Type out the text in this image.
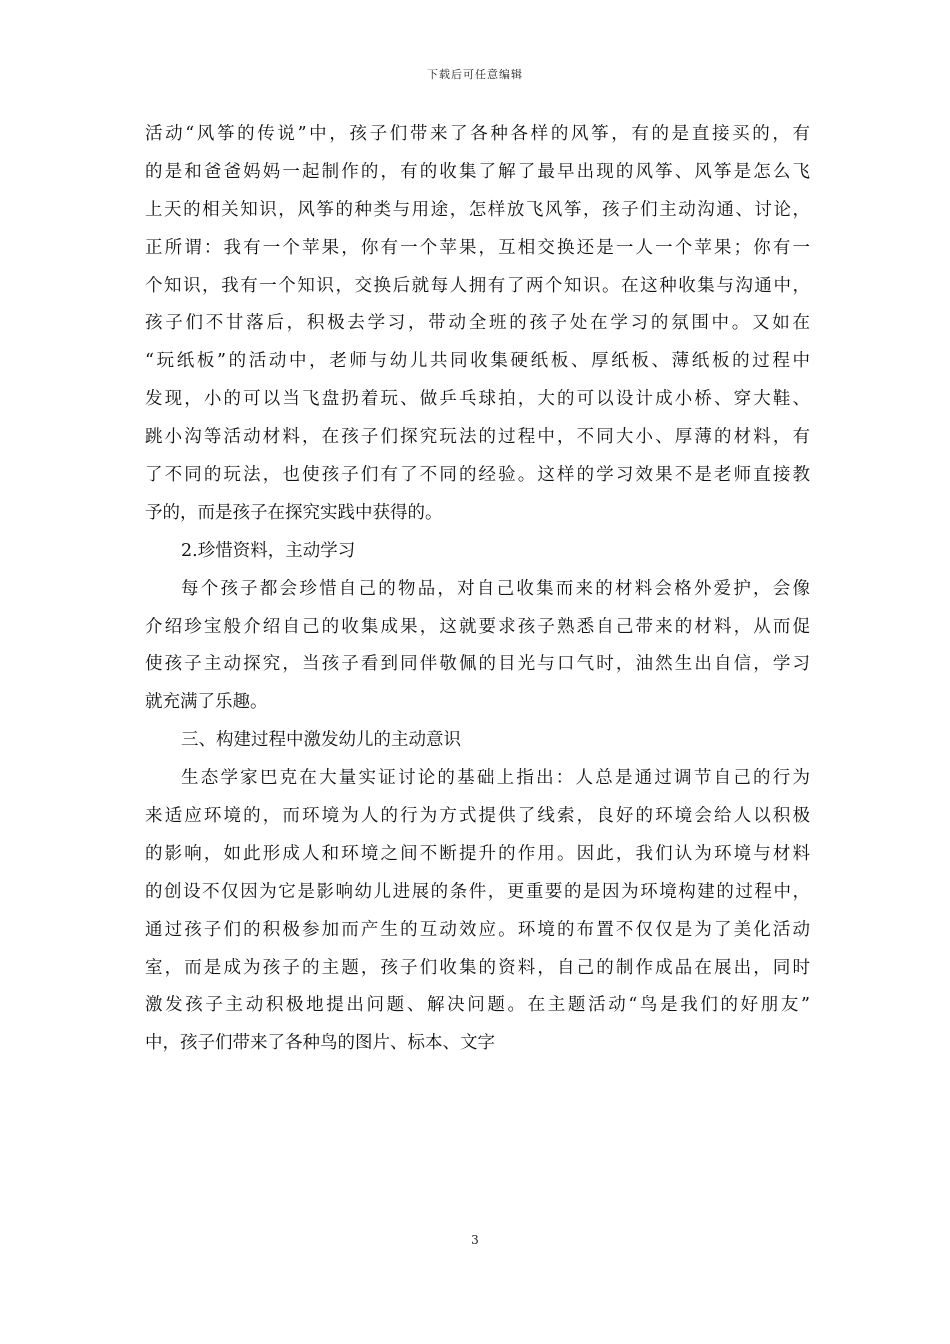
下载后可任意编辑
活动“风筝的传说”中，孩子们带来了各种各样的风筝，有的是直接买的，有
的是和爸爸妈妈一起制作的，有的收集了解了最早出现的风筝、风筝是怎么飞
上天的相关知识，风筝的种类与用途，怎样放飞风筝，孩子们主动沟通、讨论，
正所谓：我有一个苹果，你有一个苹果，互相交换还是一人一个苹果；你有一
个知识，我有一个知识，交换后就每人拥有了两个知识。在这种收集与沟通中，
孩子们不甘落后，积极去学习，带动全班的孩子处在学习的氛围中。又如在
“玩纸板”的活动中，老师与幼儿共同收集硬纸板、厚纸板、薄纸板的过程中
发现，小的可以当飞盘扔着玩、做乒乓球拍，大的可以设计成小桥、穿大鞋、
跳小沟等活动材料，在孩子们探究玩法的过程中，不同大小、厚薄的材料，有
了不同的玩法，也使孩子们有了不同的经验。这样的学习效果不是老师直接教
予的，而是孩子在探究实践中获得的。
2.珍惜资料，主动学习
每个孩子都会珍惜自己的物品，对自己收集而来的材料会格外爱护，会像
介绍珍宝般介绍自己的收集成果，这就要求孩子熟悉自己带来的材料，从而促
使孩子主动探究，当孩子看到同伴敬佩的目光与口气时，油然生出自信，学习
就充满了乐趣。
三、构建过程中激发幼儿的主动意识
生态学家巴克在大量实证讨论的基础上指出：人总是通过调节自己的行为
来适应环境的，而环境为人的行为方式提供了线索，良好的环境会给人以积极
的影响，如此形成人和环境之间不断提升的作用。因此，我们认为环境与材料
的创设不仅因为它是影响幼儿进展的条件，更重要的是因为环境构建的过程中，
通过孩子们的积极参加而产生的互动效应。环境的布置不仅仅是为了美化活动
室，而是成为孩子的主题，孩子们收集的资料，自己的制作成品在展出，同时
激发孩子主动积极地提出问题、解决问题。在主题活动“鸟是我们的好朋友”
中，孩子们带来了各种鸟的图片、标本、文字
3
